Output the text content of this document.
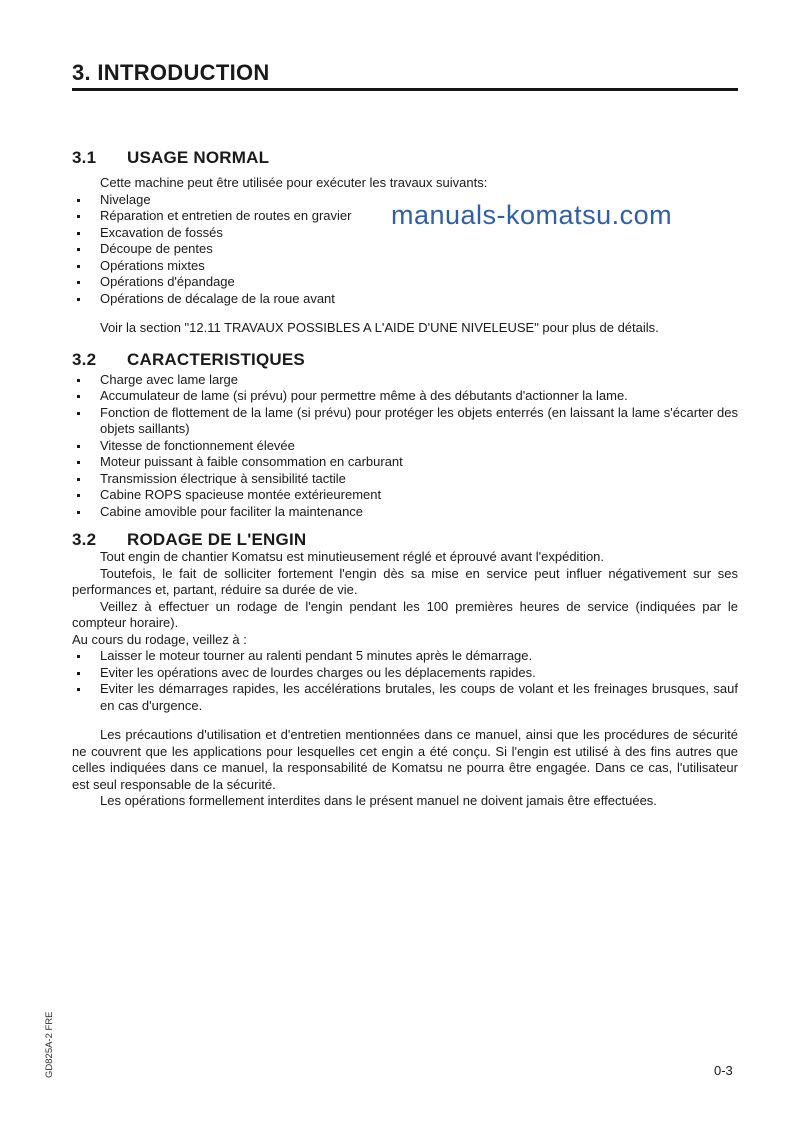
3. INTRODUCTION
3.1	USAGE NORMAL

Cette machine peut être utilisée pour exécuter les travaux suivants:

Nivelage
Réparation et entretien de routes en gravier
Excavation de fossés
Découpe de pentes
Opérations mixtes
Opérations d'épandage
Opérations de décalage de la roue avant

Voir la section "12.11 TRAVAUX POSSIBLES A L'AIDE D'UNE NIVELEUSE" pour plus de détails.

3.2	CARACTERISTIQUES
Charge avec lame large
Accumulateur de lame (si prévu) pour permettre même à des débutants d'actionner la lame.
Fonction de flottement de la lame (si prévu) pour protéger les objets enterrés (en laissant la lame s'écarter des objets saillants)
Vitesse de fonctionnement élevée
Moteur puissant à faible consommation en carburant
Transmission électrique à sensibilité tactile
Cabine ROPS spacieuse montée extérieurement
Cabine amovible pour faciliter la maintenance
3.2	RODAGE DE L'ENGIN

Tout engin de chantier Komatsu est minutieusement réglé et éprouvé avant l'expédition.

Toutefois, le fait de solliciter fortement l'engin dès sa mise en service peut influer négativement sur ses performances et, partant, réduire sa durée de vie.

Veillez à effectuer un rodage de l'engin pendant les 100 premières heures de service (indiquées par le compteur horaire).

Au cours du rodage, veillez à :

Laisser le moteur tourner au ralenti pendant 5 minutes après le démarrage.
Eviter les opérations avec de lourdes charges ou les déplacements rapides.
Eviter les démarrages rapides, les accélérations brutales, les coups de volant et les freinages brusques, sauf en cas d'urgence.

Les précautions d'utilisation et d'entretien mentionnées dans ce manuel, ainsi que les procédures de sécurité ne couvrent que les applications pour lesquelles cet engin a été conçu. Si l'engin est utilisé à des fins autres que celles indiquées dans ce manuel, la responsabilité de Komatsu ne pourra être engagée. Dans ce cas, l'utilisateur est seul responsable de la sécurité.

Les opérations formellement interdites dans le présent manuel ne doivent jamais être effectuées.

manuals-komatsu.com
GD825A-2 FRE	0-3
